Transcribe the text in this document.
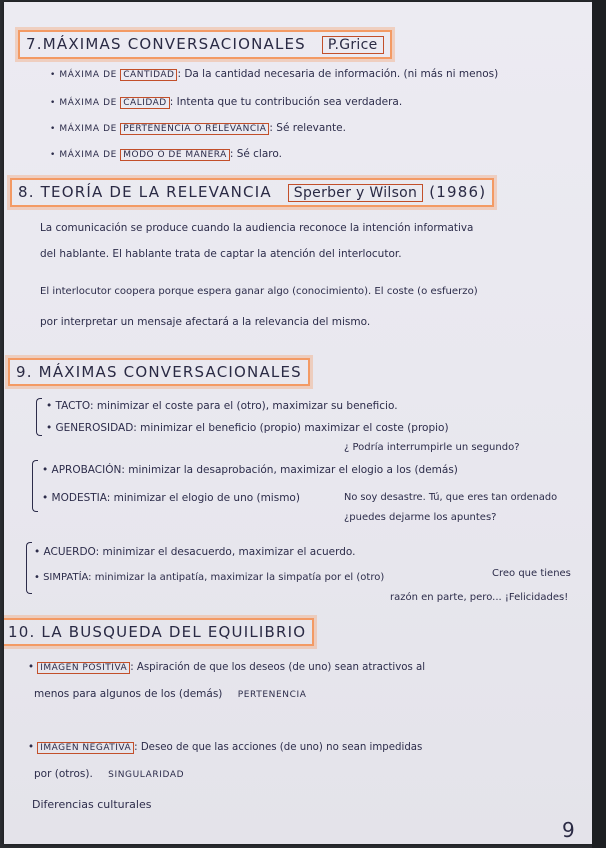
7.MÁXIMAS CONVERSACIONALES P.Grice
• MÁXIMA DE CANTIDAD : Da la cantidad necesaria de información. (ni más ni menos)
• MÁXIMA DE CALIDAD : Intenta que tu contribución sea verdadera.
• MÁXIMA DE PERTENENCIA O RELEVANCIA : Sé relevante.
• MÁXIMA DE MODO O DE MANERA : Sé claro.
8. TEORÍA DE LA RELEVANCIA Sperber y Wilson (1986)
La comunicación se produce cuando la audiencia reconoce la intención informativa
del hablante. El hablante trata de captar la atención del interlocutor.
El interlocutor coopera porque espera ganar algo (conocimiento). El coste (o esfuerzo)
por interpretar un mensaje afectará a la relevancia del mismo.
9. MÁXIMAS CONVERSACIONALES
• TACTO: minimizar el coste para el (otro), maximizar su beneficio.
• GENEROSIDAD: minimizar el beneficio (propio) maximizar el coste (propio)
¿ Podría interrumpirle un segundo?
• APROBACIÓN: minimizar la desaprobación, maximizar el elogio a los (demás)
• MODESTIA: minimizar el elogio de uno (mismo)	No soy desastre. Tú, que eres tan ordenado
¿puedes dejarme los apuntes?
• ACUERDO: minimizar el desacuerdo, maximizar el acuerdo.
• SIMPATÍA: minimizar la antipatía, maximizar la simpatía por el (otro)	Creo que tienes
razón en parte, pero... ¡Felicidades!
10. LA BUSQUEDA DEL EQUILIBRIO
• IMAGEN POSITIVA : Aspiración de que los deseos (de uno) sean atractivos al
menos para algunos de los (demás) PERTENENCIA
• IMAGEN NEGATIVA : Deseo de que las acciones (de uno) no sean impedidas
por (otros). SINGULARIDAD
Diferencias culturales
9
